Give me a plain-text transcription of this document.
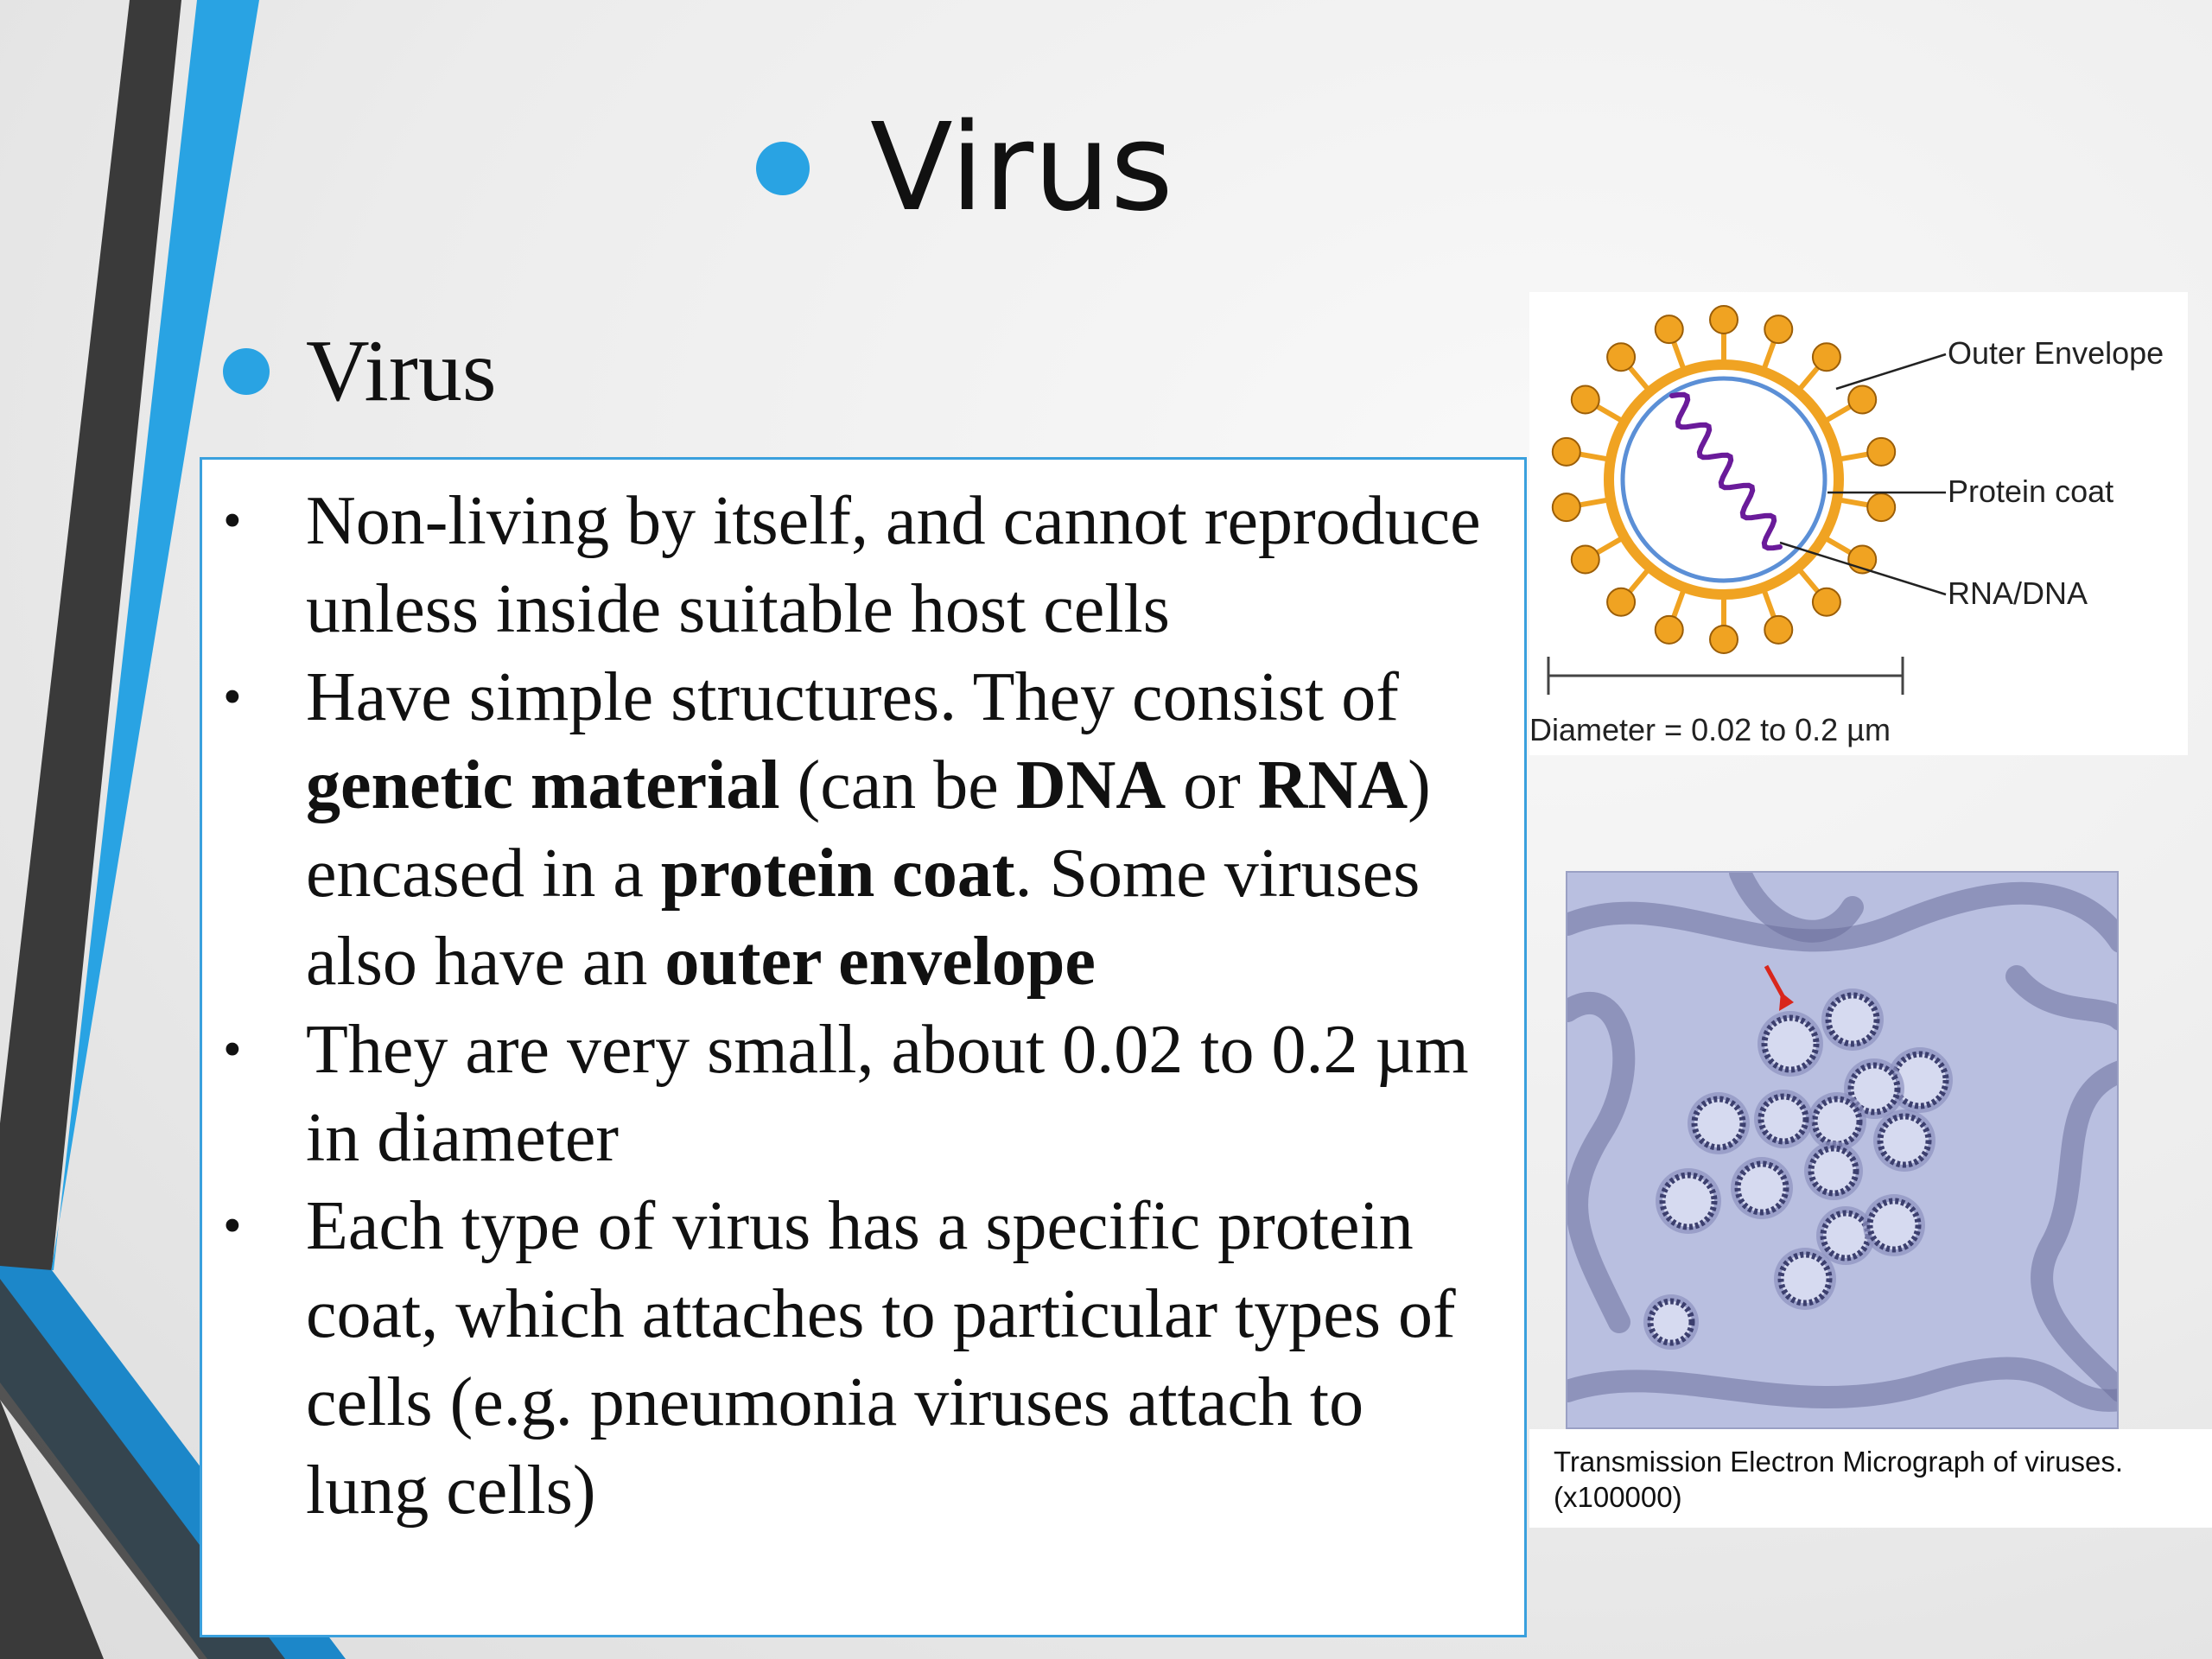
Virus
Virus
• Non-living by itself, and cannot reproduce unless inside suitable host cells
• Have simple structures. They consist of genetic material (can be DNA or RNA) encased in a protein coat. Some viruses also have an outer envelope
• They are very small, about 0.02 to 0.2 µm in diameter
• Each type of virus has a specific protein coat, which attaches to particular types of cells (e.g. pneumonia viruses attach to lung cells)
Outer Envelope
Protein coat
RNA/DNA
Diameter = 0.02 to 0.2 µm
Transmission Electron Micrograph of viruses.
(x100000)
